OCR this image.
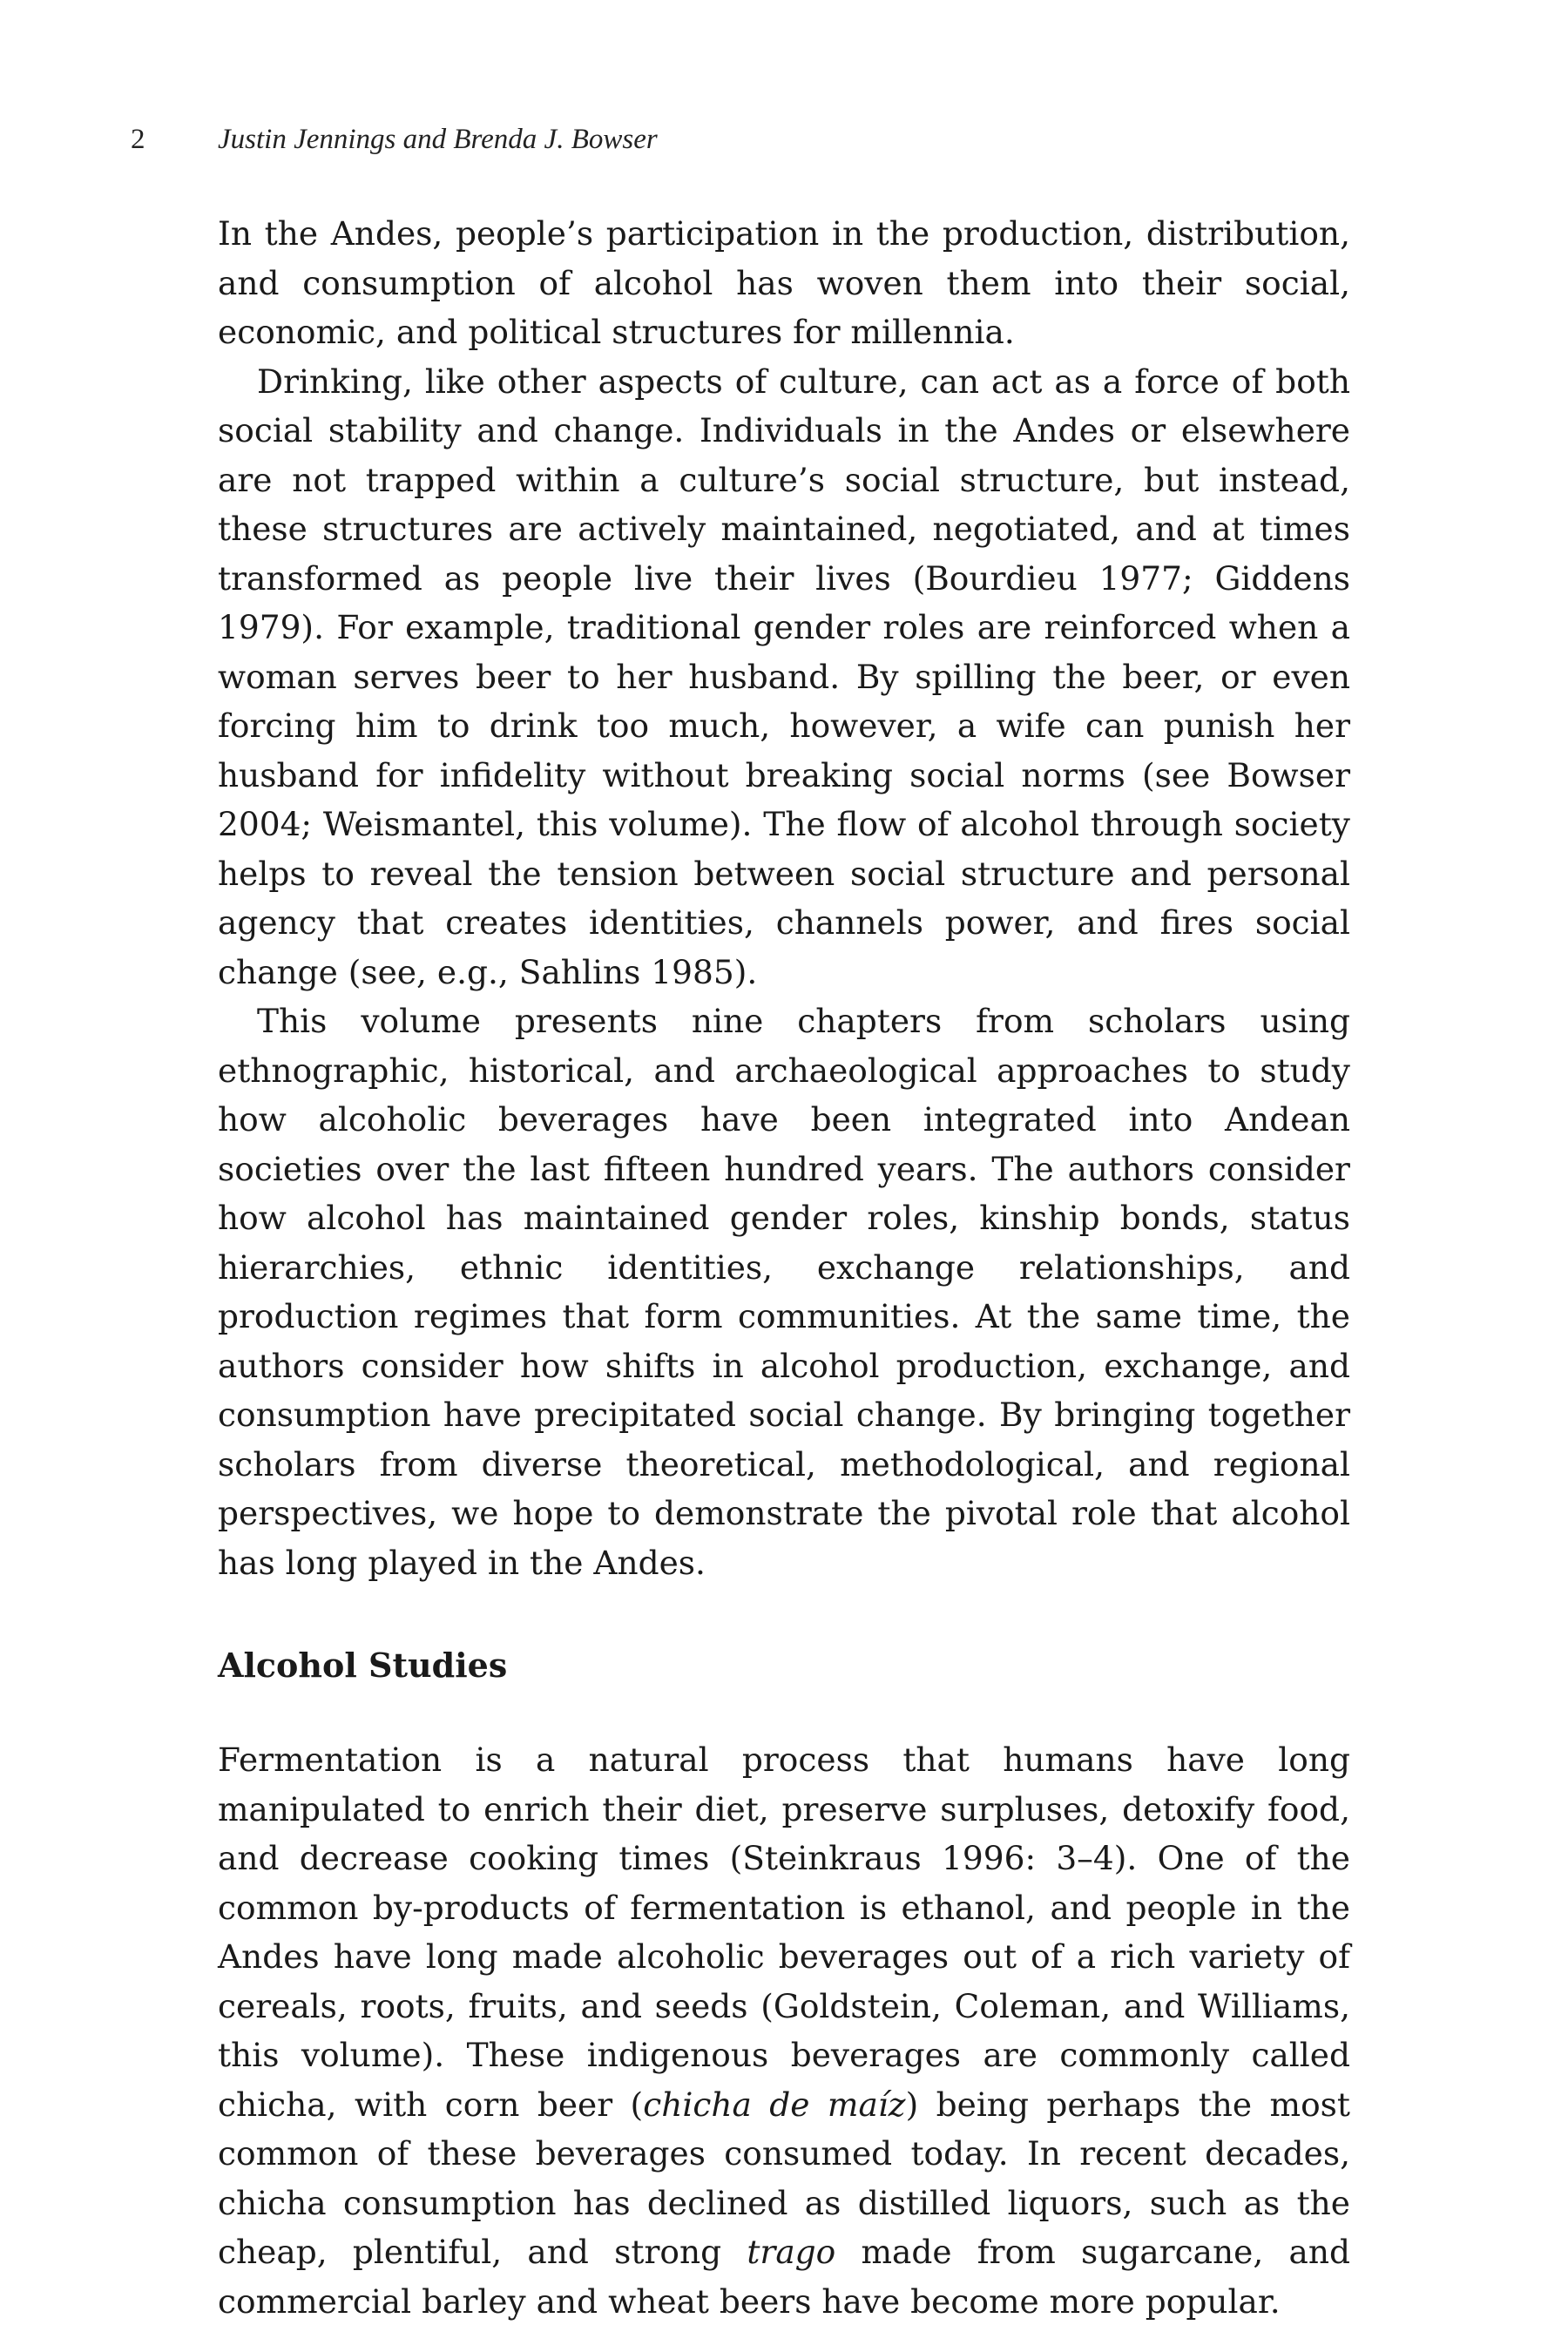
2	Justin Jennings and Brenda J. Bowser

In the Andes, people’s participation in the production, distribution, and consumption of alcohol has woven them into their social, economic, and political structures for millennia.

Drinking, like other aspects of culture, can act as a force of both social stability and change. Individuals in the Andes or elsewhere are not trapped within a culture’s social structure, but instead, these structures are actively maintained, negotiated, and at times transformed as people live their lives (Bourdieu 1977; Giddens 1979). For example, traditional gender roles are reinforced when a woman serves beer to her husband. By spilling the beer, or even forcing him to drink too much, however, a wife can punish her husband for infidelity without breaking social norms (see Bowser 2004; Weismantel, this volume). The flow of alcohol through society helps to reveal the tension between social structure and personal agency that creates identities, channels power, and fires social change (see, e.g., Sahlins 1985).

This volume presents nine chapters from scholars using ethnographic, historical, and archaeological approaches to study how alcoholic beverages have been integrated into Andean societies over the last fifteen hundred years. The authors consider how alcohol has maintained gender roles, kinship bonds, status hierarchies, ethnic identities, exchange relationships, and production regimes that form communities. At the same time, the authors consider how shifts in alcohol production, exchange, and consumption have precipitated social change. By bringing together scholars from diverse theoretical, methodological, and regional perspectives, we hope to demonstrate the pivotal role that alcohol has long played in the Andes.

Alcohol Studies

Fermentation is a natural process that humans have long manipulated to enrich their diet, preserve surpluses, detoxify food, and decrease cooking times (Steinkraus 1996: 3–4). One of the common by-products of fermentation is ethanol, and people in the Andes have long made alcoholic beverages out of a rich variety of cereals, roots, fruits, and seeds (Goldstein, Coleman, and Williams, this volume). These indigenous beverages are commonly called chicha, with corn beer (chicha de maíz) being perhaps the most common of these beverages consumed today. In recent decades, chicha consumption has declined as distilled liquors, such as the cheap, plentiful, and strong trago made from sugarcane, and commercial barley and wheat beers have become more popular.
